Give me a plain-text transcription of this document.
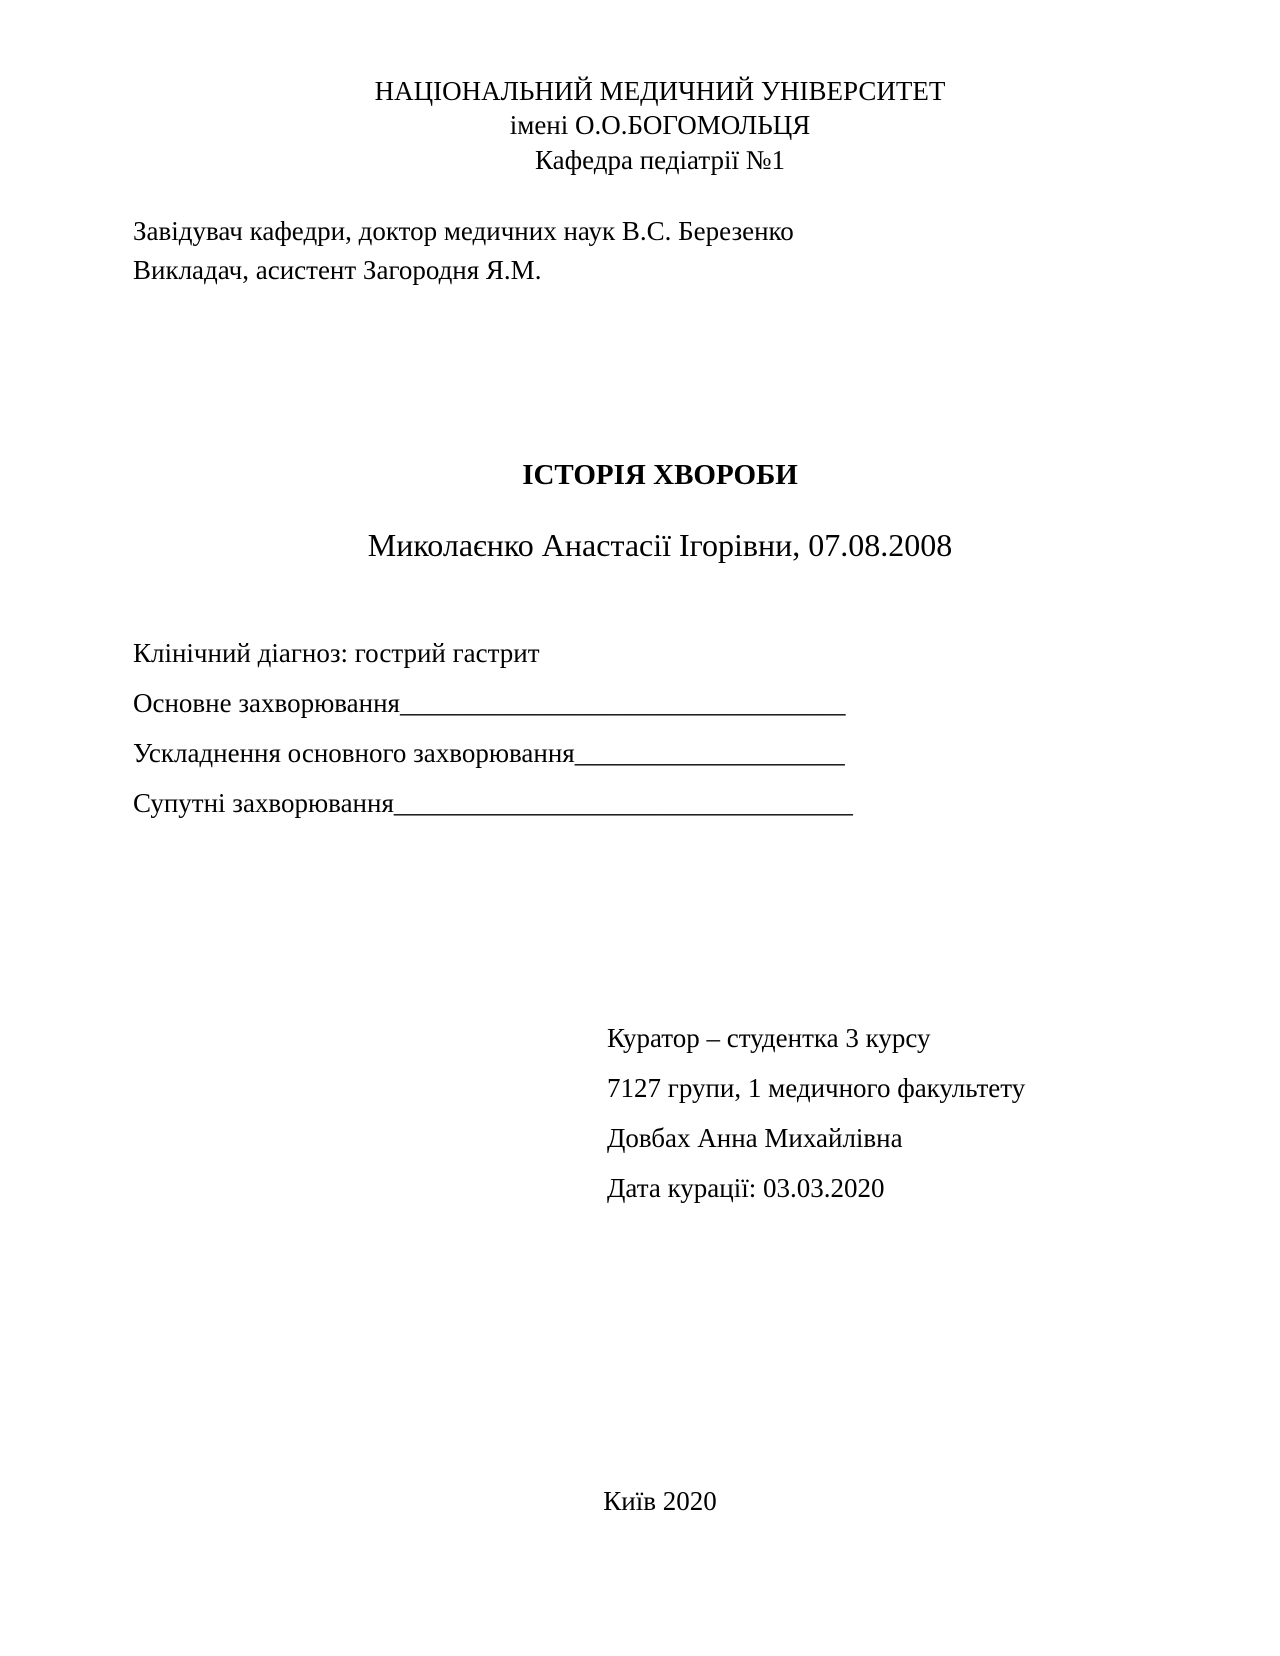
НАЦІОНАЛЬНИЙ МЕДИЧНИЙ УНІВЕРСИТЕТ
імені О.О.БОГОМОЛЬЦЯ
Кафедра педіатрії №1
Завідувач кафедри, доктор медичних наук В.С. Березенко
Викладач, асистент Загородня Я.М.
ІСТОРІЯ ХВОРОБИ
Миколаєнко Анастасії Ігорівни, 07.08.2008
Клінічний діагноз: гострий гастрит
Основне захворювання_________________________________
Ускладнення основного захворювання____________________
Супутні захворювання__________________________________
Куратор – студентка 3 курсу
7127 групи, 1 медичного факультету
Довбах Анна Михайлівна
Дата курації: 03.03.2020
Київ 2020
